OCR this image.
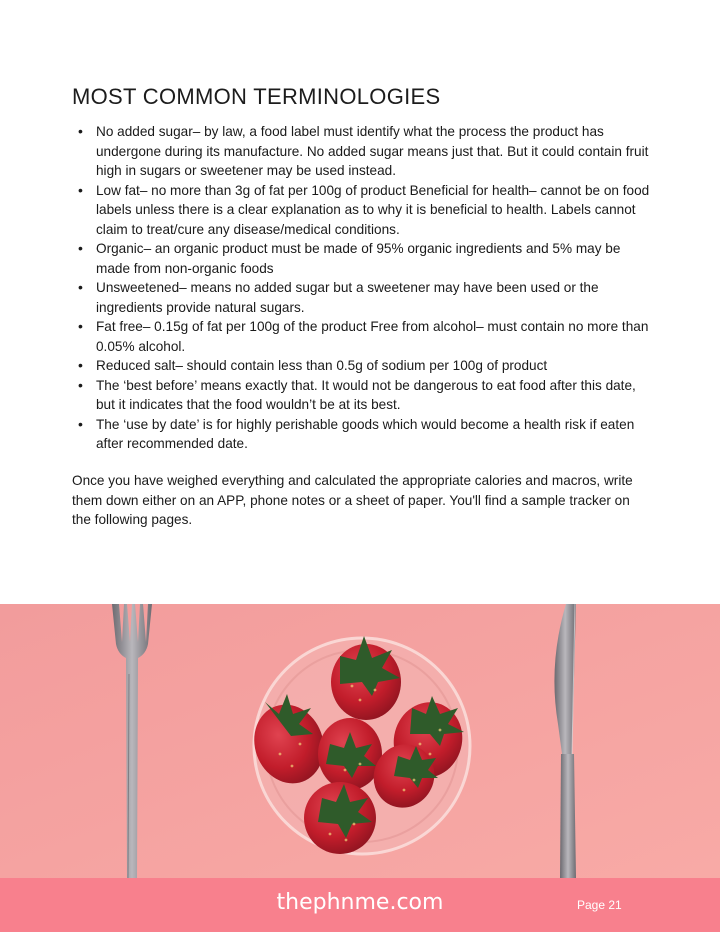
MOST COMMON TERMINOLOGIES
• No added sugar– by law, a food label must identify what the process the product has undergone during its manufacture. No added sugar means just that. But it could contain fruit high in sugars or sweetener may be used instead.
• Low fat– no more than 3g of fat per 100g of product Beneficial for health– cannot be on food labels unless there is a clear explanation as to why it is beneficial to health. Labels cannot claim to treat/cure any disease/medical conditions.
• Organic– an organic product must be made of 95% organic ingredients and 5% may be made from non-organic foods
• Unsweetened– means no added sugar but a sweetener may have been used or the ingredients provide natural sugars.
• Fat free– 0.15g of fat per 100g of the product Free from alcohol– must contain no more than 0.05% alcohol.
• Reduced salt– should contain less than 0.5g of sodium per 100g of product
• The ‘best before’ means exactly that. It would not be dangerous to eat food after this date, but it indicates that the food wouldn’t be at its best.
• The ‘use by date’ is for highly perishable goods which would become a health risk if eaten after recommended date.

Once you have weighed everything and calculated the appropriate calories and macros, write them down either on an APP, phone notes or a sheet of paper. You'll find a sample tracker on the following pages.

thephnme.com	Page 21
